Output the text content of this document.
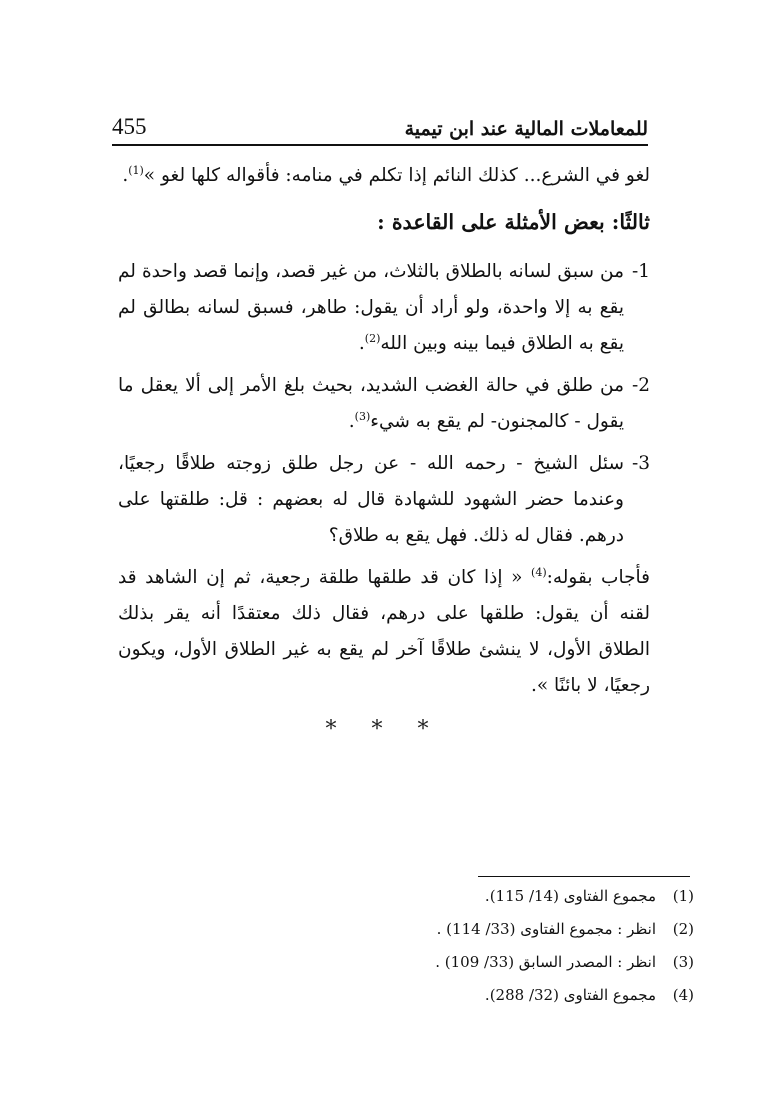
455	للمعاملات المالية عند ابن تيمية

لغو في الشرع... كذلك النائم إذا تكلم في منامه: فأقواله كلها لغو »$^{(1)}$.

ثالثًا: بعض الأمثلة على القاعدة :

1-
من سبق لسانه بالطلاق بالثلاث، من غير قصد، وإنما قصد واحدة لم يقع به إلا واحدة، ولو أراد أن يقول: طاهر، فسبق لسانه بطالق لم يقع به الطلاق فيما بينه وبين الله$^{(2)}$.

2-
من طلق في حالة الغضب الشديد، بحيث بلغ الأمر إلى ألا يعقل ما يقول - كالمجنون- لم يقع به شيء$^{(3)}$.

3-
سئل الشيخ - رحمه الله - عن رجل طلق زوجته طلاقًا رجعيًا، وعندما حضر الشهود للشهادة قال له بعضهم : قل: طلقتها على درهم. فقال له ذلك. فهل يقع به طلاق؟

فأجاب بقوله:$^{(4)}$ « إذا كان قد طلقها طلقة رجعية، ثم إن الشاهد قد لقنه أن يقول: طلقها على درهم، فقال ذلك معتقدًا أنه يقر بذلك الطلاق الأول، لا ينشئ طلاقًا آخر لم يقع به غير الطلاق الأول، ويكون رجعيًا، لا بائنًا ».

* * *

(1)
مجموع الفتاوى (14/ 115).
(2)
انظر : مجموع الفتاوى (33/ 114) .
(3)
انظر : المصدر السابق (33/ 109) .
(4)
مجموع الفتاوى (32/ 288).
